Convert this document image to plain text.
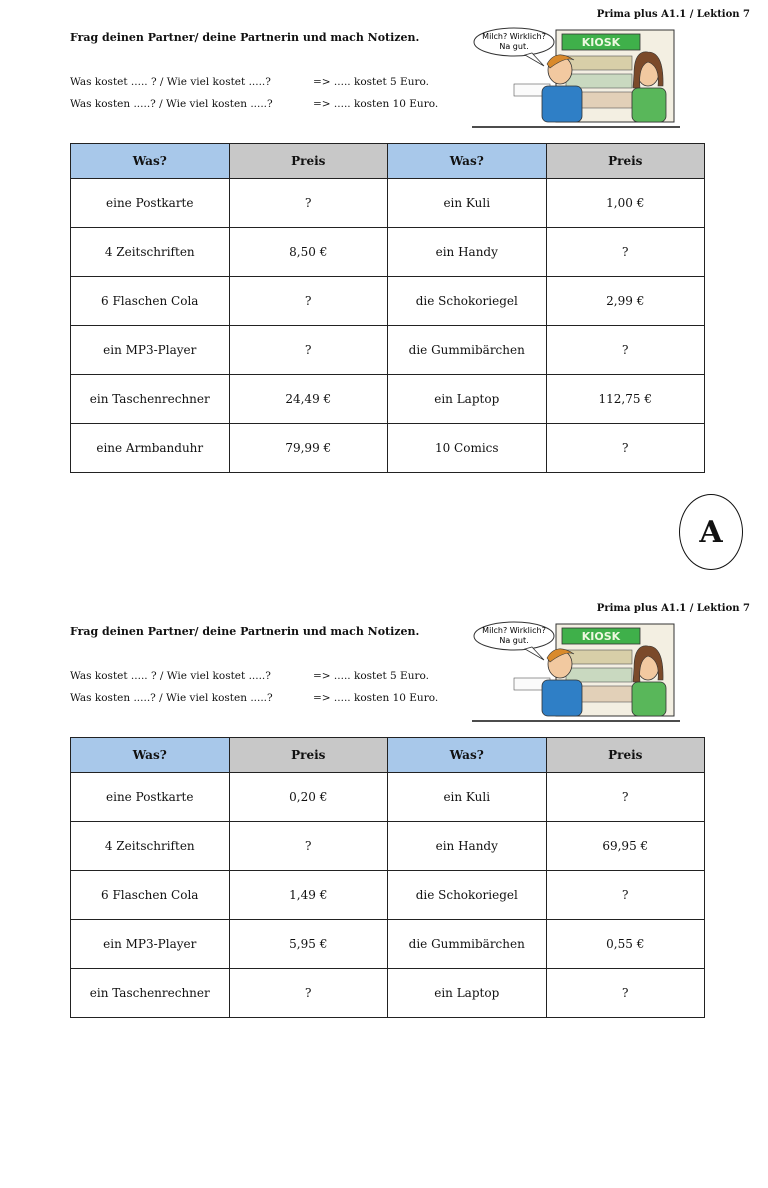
Prima plus A1.1 / Lektion 7
Frag deinen Partner/ deine Partnerin und mach Notizen.
Was kostet ..... ? / Wie viel kostet .....?	=> ..... kostet 5 Euro.
Was kosten .....? / Wie viel kosten .....?	=> ..... kosten 10 Euro.
KIOSK
Milch? Wirklich?
Na gut.
Was?	Preis	Was?	Preis
eine Postkarte	?	ein Kuli	1,00 €
4 Zeitschriften	8,50 €	ein Handy	?
6 Flaschen Cola	?	die Schokoriegel	2,99 €
ein MP3-Player	?	die Gummibärchen	?
ein Taschenrechner	24,49 €	ein Laptop	112,75 €
eine Armbanduhr	79,99 €	10 Comics	?
A
Prima plus A1.1 / Lektion 7
Frag deinen Partner/ deine Partnerin und mach Notizen.
Was kostet ..... ? / Wie viel kostet .....?	=> ..... kostet 5 Euro.
Was kosten .....? / Wie viel kosten .....?	=> ..... kosten 10 Euro.
KIOSK
Milch? Wirklich?
Na gut.
Was?	Preis	Was?	Preis
eine Postkarte	0,20 €	ein Kuli	?
4 Zeitschriften	?	ein Handy	69,95 €
6 Flaschen Cola	1,49 €	die Schokoriegel	?
ein MP3-Player	5,95 €	die Gummibärchen	0,55 €
ein Taschenrechner	?	ein Laptop	?
